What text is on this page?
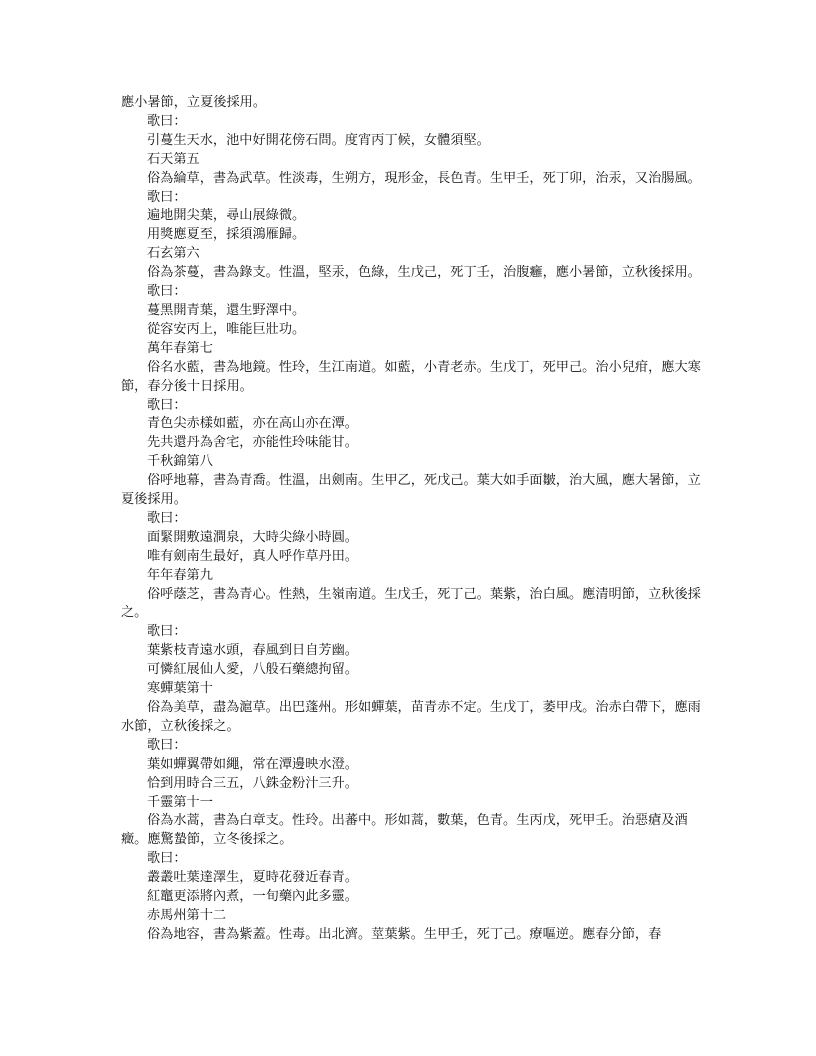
應小暑節，立夏後採用。
歌曰：
引蔓生天水，池中好開花傍石問。度宵丙丁候，女體須堅。
石天第五
俗為綸草，書為武草。性淡毒，生朔方，現形金，長色青。生甲壬，死丁卯，治汞，又治腸風。
歌曰：
遍地開尖葉，尋山展綠微。
用獎應夏至，採須鴻雁歸。
石玄第六
俗為茶蔓，書為錄支。性溫，堅汞，色綠，生戊己，死丁壬，治腹癰，應小暑節，立秋後採用。
歌曰：
蔓黑開青葉，還生野澤中。
從容安丙上，唯能巨壯功。
萬年春第七
俗名水藍，書為地鏡。性玲，生江南道。如藍，小青老赤。生戊丁，死甲己。治小兒疳，應大寒節，春分後十日採用。
歌曰：
青色尖赤樣如藍，亦在高山亦在潭。
先共還丹為舍宅，亦能性玲味能甘。
千秋錦第八
俗呼地幕，書為青喬。性溫，出劍南。生甲乙，死戊己。葉大如手面皺，治大風，應大暑節，立夏後採用。
歌曰：
面緊開敷遠澗泉，大時尖綠小時圓。
唯有劍南生最好，真人呼作草丹田。
年年春第九
俗呼蔭芝，書為青心。性熱，生嶺南道。生戊壬，死丁己。葉紫，治白風。應清明節，立秋後採之。
歌曰：
葉紫枝青遠水頭，春風到日自芳幽。
可憐紅展仙人愛，八般石藥總拘留。
寒蟬葉第十
俗為美草，盡為滬草。出巴蓬州。形如蟬葉，苗青赤不定。生戊丁，萎甲戌。治赤白帶下，應雨水節，立秋後採之。
歌曰：
葉如蟬翼帶如繩，常在潭邊映水澄。
恰到用時合三五，八銖金粉汁三升。
千靈第十一
俗為水蒿，書為白章支。性玲。出蕃中。形如蒿，數葉，色青。生丙戊，死甲壬。治惡瘡及酒癥。應驚蟄節，立冬後採之。
歌曰：
叢叢吐葉達澤生，夏時花發近春青。
紅竈更添將內煮，一旬藥內此多靈。
赤馬州第十二
俗為地容，書為紫蓋。性毒。出北濟。莖葉紫。生甲壬，死丁己。療嘔逆。應春分節，春
